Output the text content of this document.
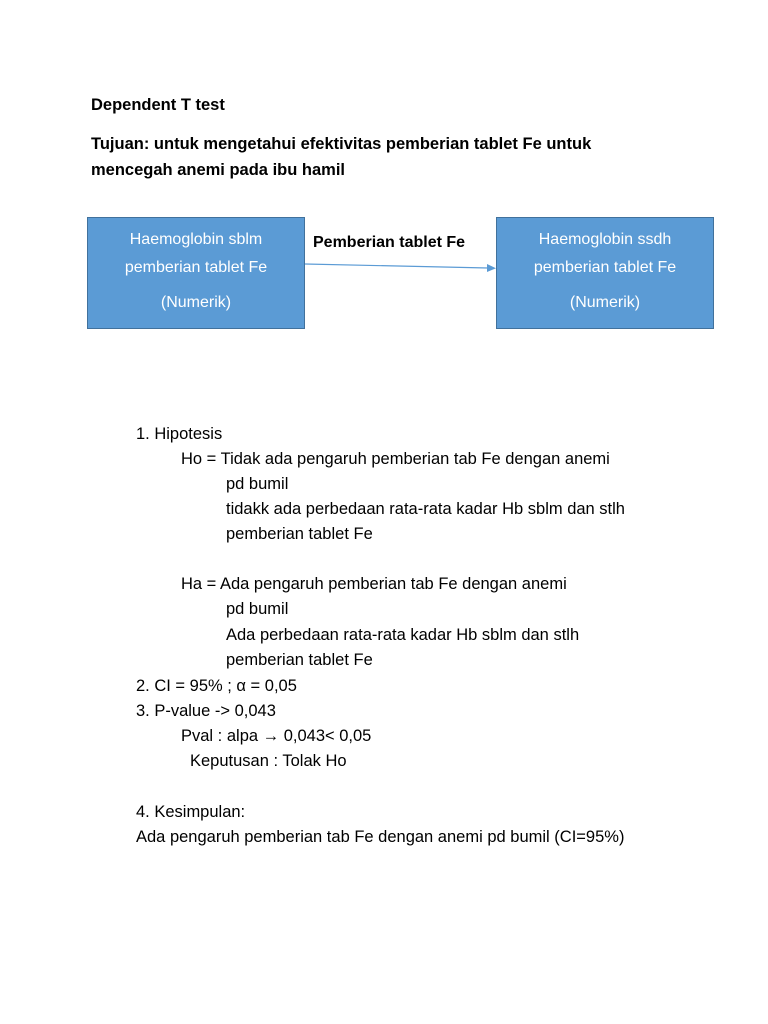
Dependent T test
Tujuan: untuk mengetahui efektivitas pemberian tablet Fe untuk
mencegah anemi pada ibu hamil
Haemoglobin sblm
pemberian tablet Fe
(Numerik)
Pemberian tablet Fe	Haemoglobin ssdh
pemberian tablet Fe
(Numerik)
1. Hipotesis
Ho = Tidak ada pengaruh pemberian tab Fe dengan anemi
pd bumil
tidakk ada perbedaan rata-rata kadar Hb sblm dan stlh
pemberian tablet Fe
Ha = Ada pengaruh pemberian tab Fe dengan anemi
pd bumil
Ada perbedaan rata-rata kadar Hb sblm dan stlh
pemberian tablet Fe
2. CI = 95% ; α = 0,05
3. P-value -> 0,043
Pval : alpa → 0,043< 0,05
Keputusan : Tolak Ho
4. Kesimpulan:
Ada pengaruh pemberian tab Fe dengan anemi pd bumil (CI=95%)
